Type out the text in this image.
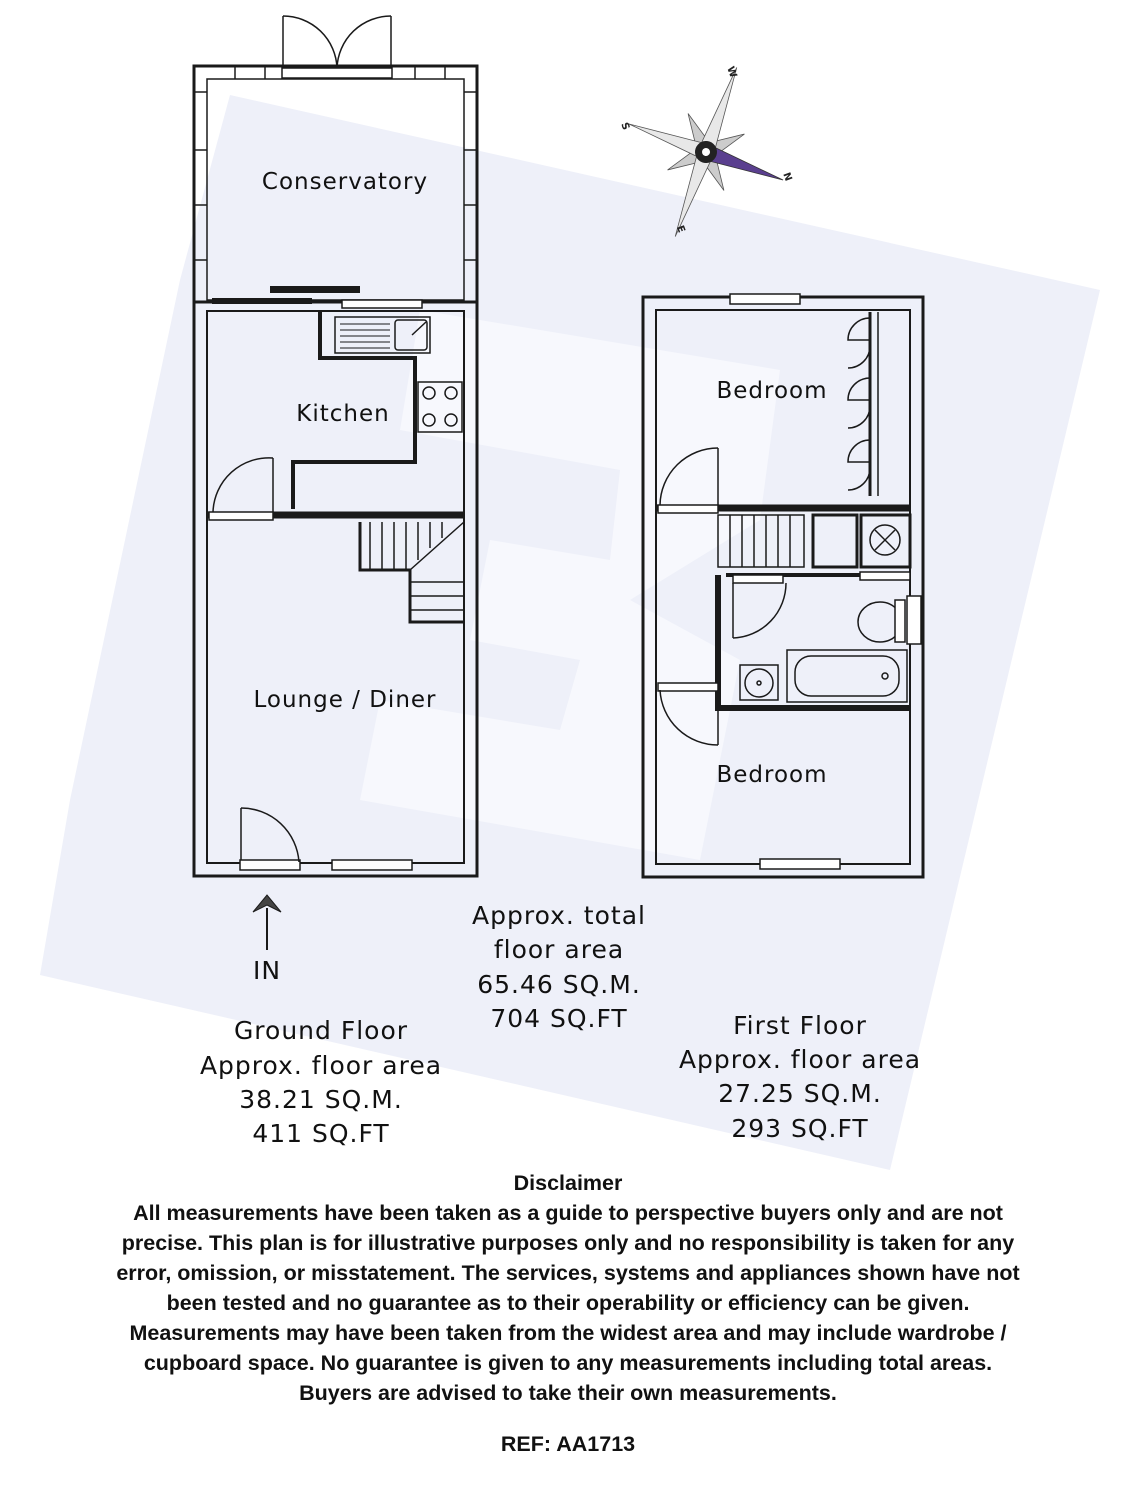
N
W
S
E
Conservatory
Kitchen
Lounge / Diner
Bedroom
Bedroom
IN
Ground Floor
Approx. floor area
38.21 SQ.M.
411 SQ.FT
Approx. total
floor area
65.46 SQ.M.
704 SQ.FT	First Floor
Approx. floor area
27.25 SQ.M.
293 SQ.FT
Disclaimer
All measurements have been taken as a guide to perspective buyers only and are not
precise. This plan is for illustrative purposes only and no responsibility is taken for any
error, omission, or misstatement. The services, systems and appliances shown have not
been tested and no guarantee as to their operability or efficiency can be given.
Measurements may have been taken from the widest area and may include wardrobe /
cupboard space. No guarantee is given to any measurements including total areas.
Buyers are advised to take their own measurements.
REF: AA1713
